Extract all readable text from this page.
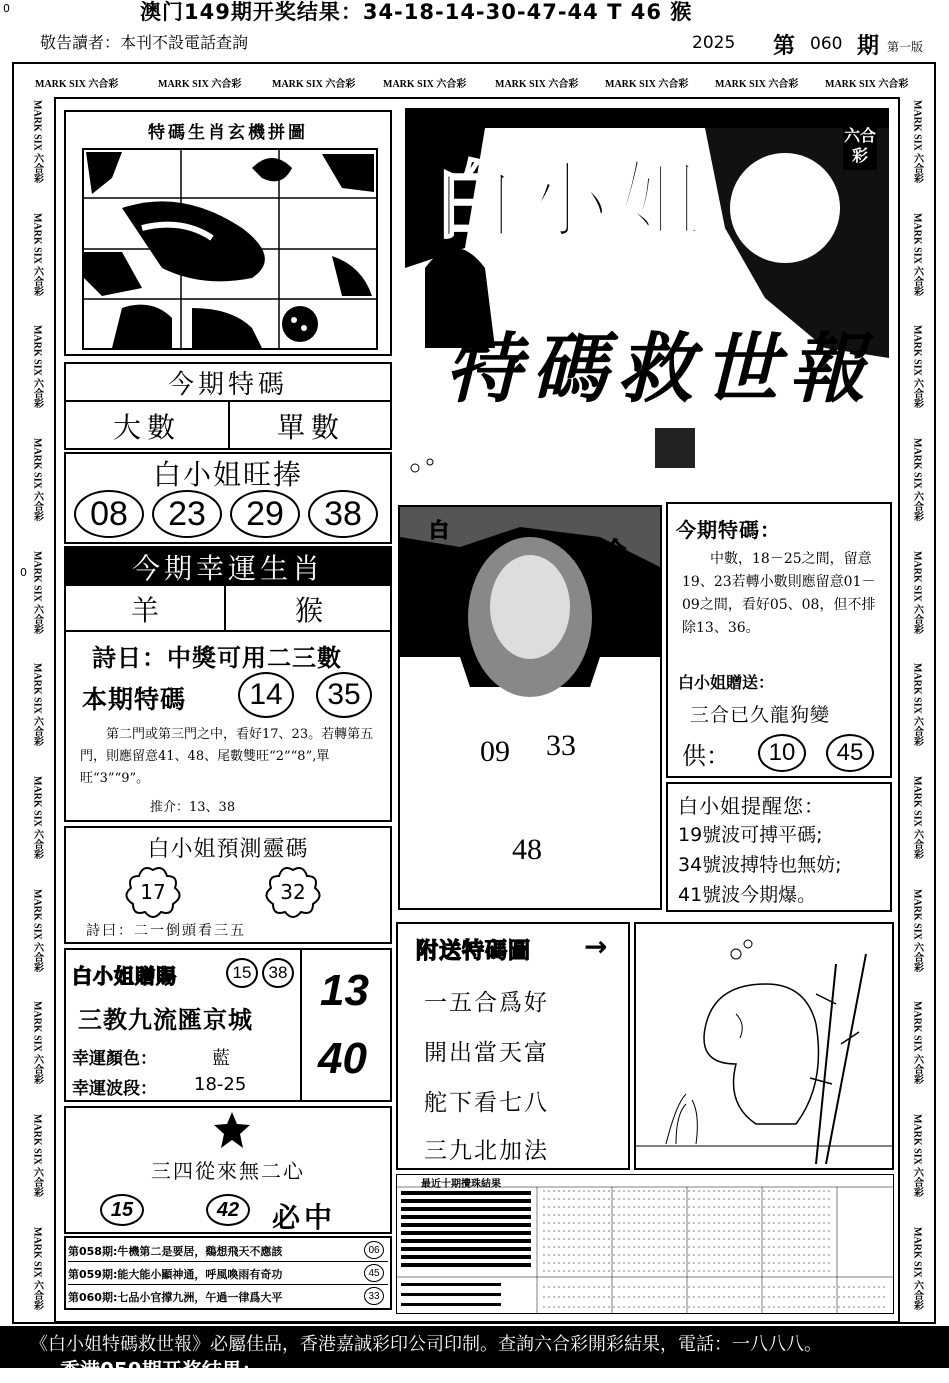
0
0
澳门149期开奖结果：34-18-14-30-47-44 T 46 猴
敬告讀者：本刊不設電話查詢	2025 第 060 期 第一版
MARK SIX 六合彩	MARK SIX 六合彩	MARK SIX 六合彩	MARK SIX 六合彩	MARK SIX 六合彩	MARK SIX 六合彩	MARK SIX 六合彩	MARK SIX 六合彩
MARK SIX 六合彩
MARK SIX 六合彩
MARK SIX 六合彩
MARK SIX 六合彩
MARK SIX 六合彩
MARK SIX 六合彩
MARK SIX 六合彩
MARK SIX 六合彩
MARK SIX 六合彩
MARK SIX 六合彩
MARK SIX 六合彩
MARK SIX 六合彩
MARK SIX 六合彩
MARK SIX 六合彩
MARK SIX 六合彩
MARK SIX 六合彩
MARK SIX 六合彩
MARK SIX 六合彩
MARK SIX 六合彩
MARK SIX 六合彩
MARK SIX 六合彩
MARK SIX 六合彩
特碼生肖玄機拼圖
白小姐
特碼救世報
六合彩
今期特碼
大數	單數
白小姐旺捧
08	23	29	38
今期幸運生肖
羊	猴
詩日：中獎可用二三數
本期特碼	14	35
第二門或第三門之中，看好17、23。若轉第五門，則應留意41、48、尾數雙旺“2”“8”,單旺“3”“9”。
推介：13、38
白小姐
今期
09 33
48
今期特碼：
中數，18－25之間，留意19、23若轉小數則應留意01－09之間，看好05、08，但不排除13、36。
白小姐贈送：
三合已久龍狗變
供：	10	45
白小姐提醒您：
19號波可搏平碼;
34號波搏特也無妨;
41號波今期爆。
白小姐預測靈碼
17	32
詩曰：二一倒頭看三五
白小姐贈賜	15	38
三教九流匯京城
幸運顏色：	藍
幸運波段： 18-25
13
40
三四從來無二心
15	42	必中
第058期:牛機第二是要居，鷄想飛天不應該	06
第059期:能大能小顯神通，呼風喚雨有奇功	45
第060期:七品小官撑九洲，午過一律爲大平	33
附送特碼圖 →
一五合爲好
開出當天富
舵下看七八
三九北加法
最近十期攪珠結果
《白小姐特碼救世報》必屬佳品，香港嘉誠彩印公司印制。查詢六合彩開彩結果，電話：一八八八。
香港059期开奖结果：
